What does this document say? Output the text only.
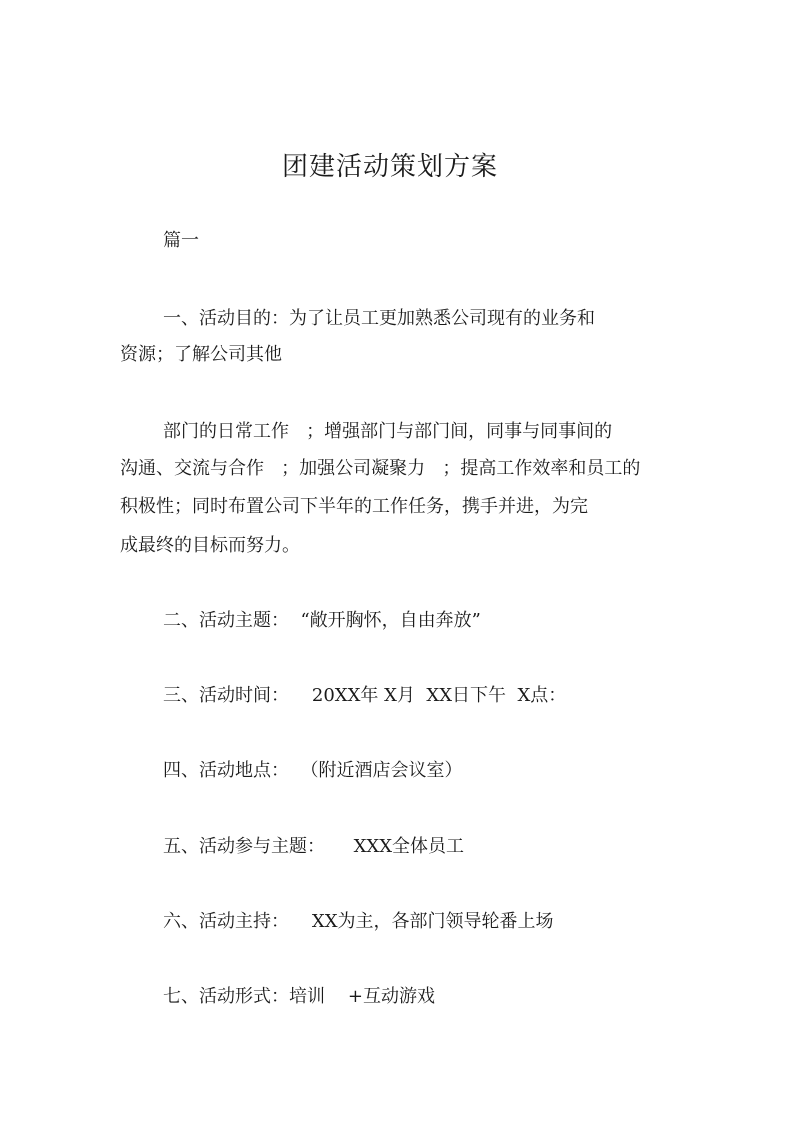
团建活动策划方案
篇一
一、活动目的：为了让员工更加熟悉公司现有的业务和
资源；了解公司其他
部门的日常工作   ；增强部门与部门间，同事与同事间的
沟通、交流与合作   ；加强公司凝聚力   ；提高工作效率和员工的
积极性；同时布置公司下半年的工作任务，携手并进，为完
成最终的目标而努力。
二、活动主题：  “敞开胸怀，自由奔放”
三、活动时间：    20XX年 X月  XX日下午  X点：
四、活动地点：  （附近酒店会议室）
五、活动参与主题：     XXX全体员工
六、活动主持：    XX为主，各部门领导轮番上场
七、活动形式：培训    +互动游戏
